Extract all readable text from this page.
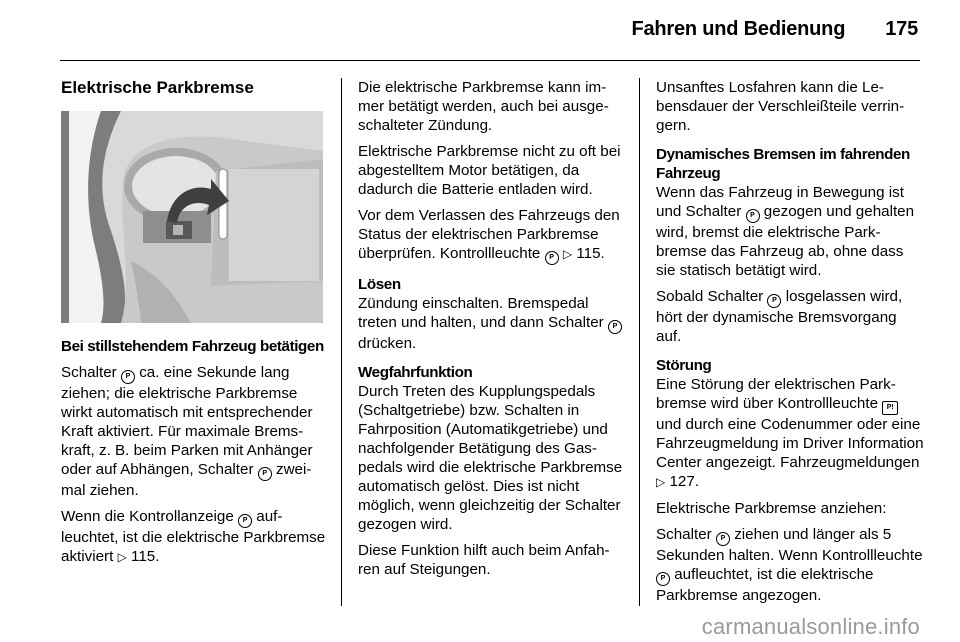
Fahren und Bedienung 175
Elektrische Parkbremse

Bei stillstehendem Fahrzeug betätigen

Schalter P ca. eine Sekunde lang ziehen; die elektrische Parkbremse wirkt automatisch mit entsprechender Kraft aktiviert. Für maximale Bremskraft, z. B. beim Parken mit Anhänger oder auf Abhängen, Schalter P zweimal ziehen.

Wenn die Kontrollanzeige P aufleuchtet, ist die elektrische Parkbremse aktiviert ▷ 115.

Die elektrische Parkbremse kann immer betätigt werden, auch bei ausgeschalteter Zündung.

Elektrische Parkbremse nicht zu oft bei abgestelltem Motor betätigen, da dadurch die Batterie entladen wird.

Vor dem Verlassen des Fahrzeugs den Status der elektrischen Parkbremse überprüfen. Kontrollleuchte P ▷ 115.

Lösen

Zündung einschalten. Bremspedal treten und halten, und dann Schalter P drücken.

Wegfahrfunktion

Durch Treten des Kupplungspedals (Schaltgetriebe) bzw. Schalten in Fahrposition (Automatikgetriebe) und nachfolgender Betätigung des Gaspedals wird die elektrische Parkbremse automatisch gelöst. Dies ist nicht möglich, wenn gleichzeitig der Schalter gezogen wird.

Diese Funktion hilft auch beim Anfahren auf Steigungen.

Unsanftes Losfahren kann die Lebensdauer der Verschleißteile verringern.

Dynamisches Bremsen im fahrenden Fahrzeug

Wenn das Fahrzeug in Bewegung ist und Schalter P gezogen und gehalten wird, bremst die elektrische Parkbremse das Fahrzeug ab, ohne dass sie statisch betätigt wird.

Sobald Schalter P losgelassen wird, hört der dynamische Bremsvorgang auf.

Störung

Eine Störung der elektrischen Parkbremse wird über Kontrollleuchte P! und durch eine Codenummer oder eine Fahrzeugmeldung im Driver Information Center angezeigt. Fahrzeugmeldungen ▷ 127.

Elektrische Parkbremse anziehen:

Schalter P ziehen und länger als 5 Sekunden halten. Wenn Kontrollleuchte P aufleuchtet, ist die elektrische Parkbremse angezogen.

carmanualsonline.info
